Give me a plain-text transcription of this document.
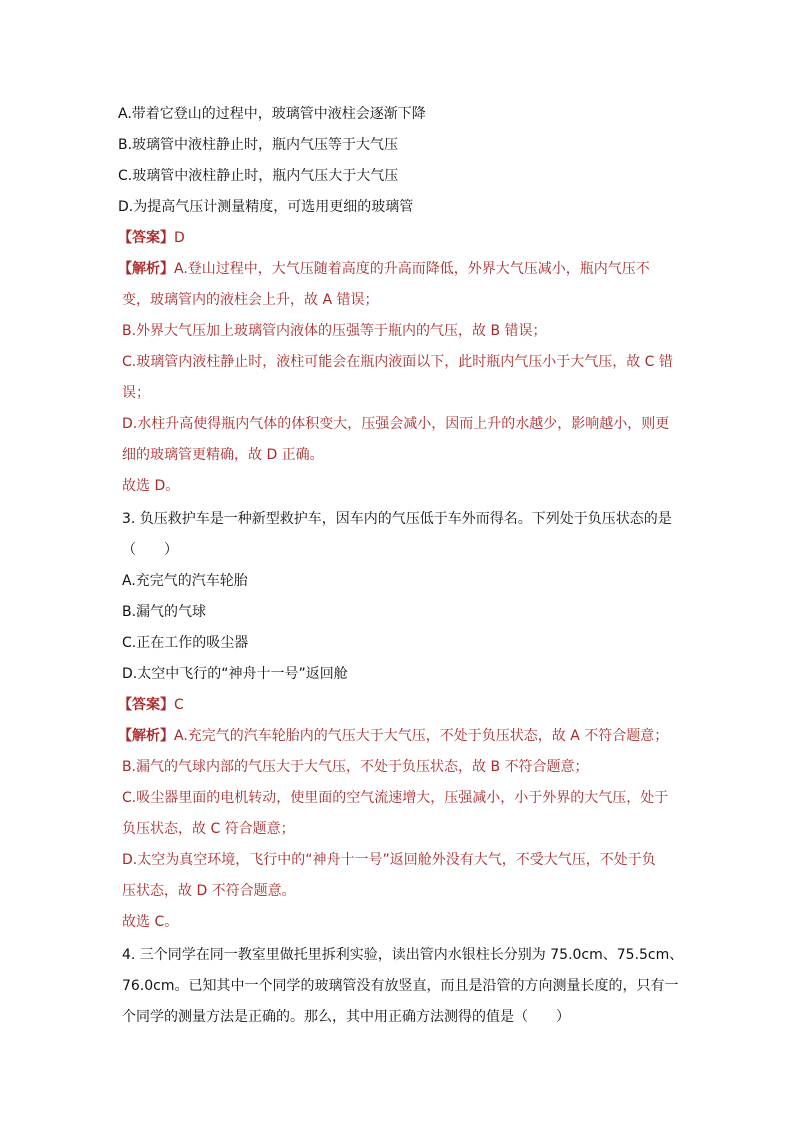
A.带着它登山的过程中，玻璃管中液柱会逐渐下降
B.玻璃管中液柱静止时，瓶内气压等于大气压
C.玻璃管中液柱静止时，瓶内气压大于大气压
D.为提高气压计测量精度，可选用更细的玻璃管
【答案】D
【解析】A.登山过程中，大气压随着高度的升高而降低，外界大气压减小，瓶内气压不
变，玻璃管内的液柱会上升，故 A 错误；
B.外界大气压加上玻璃管内液体的压强等于瓶内的气压，故 B 错误；
C.玻璃管内液柱静止时，液柱可能会在瓶内液面以下，此时瓶内气压小于大气压，故 C 错
误；
D.水柱升高使得瓶内气体的体积变大，压强会减小，因而上升的水越少，影响越小，则更
细的玻璃管更精确，故 D 正确。
故选 D。
3. 负压救护车是一种新型救护车，因车内的气压低于车外而得名。下列处于负压状态的是
（　　）
A.充完气的汽车轮胎
B.漏气的气球
C.正在工作的吸尘器
D.太空中飞行的“神舟十一号”返回舱
【答案】C
【解析】A.充完气的汽车轮胎内的气压大于大气压，不处于负压状态，故 A 不符合题意；
B.漏气的气球内部的气压大于大气压，不处于负压状态，故 B 不符合题意；
C.吸尘器里面的电机转动，使里面的空气流速增大，压强减小，小于外界的大气压，处于
负压状态，故 C 符合题意；
D.太空为真空环境，飞行中的“神舟十一号”返回舱外没有大气，不受大气压，不处于负
压状态，故 D 不符合题意。
故选 C。
4. 三个同学在同一教室里做托里拆利实验，读出管内水银柱长分别为 75.0cm、75.5cm、
76.0cm。已知其中一个同学的玻璃管没有放竖直，而且是沿管的方向测量长度的，只有一
个同学的测量方法是正确的。那么，其中用正确方法测得的值是（　　）
